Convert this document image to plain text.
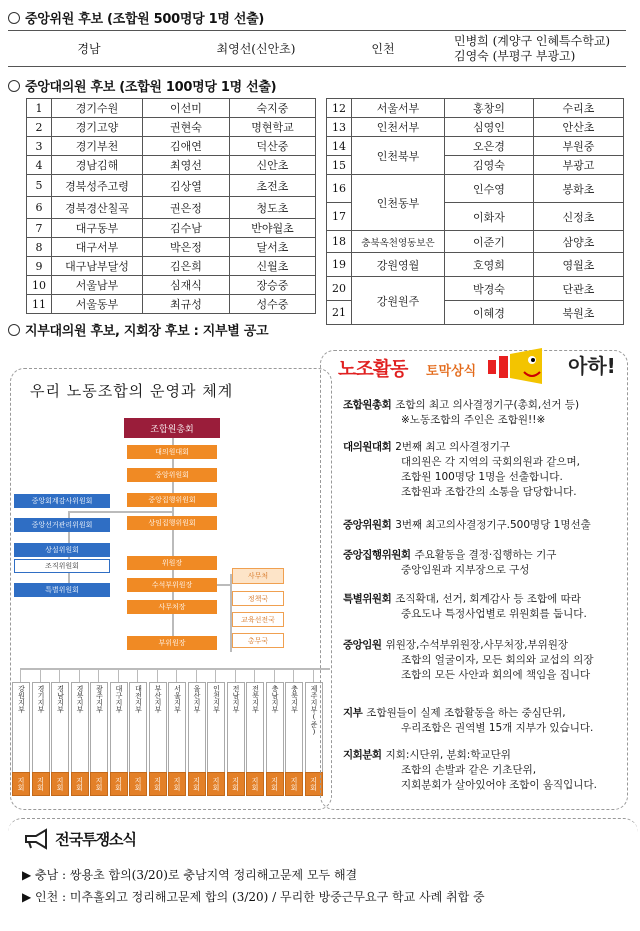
중앙위원 후보 (조합원 500명당 1명 선출)
경남	최영선(신안초)	인천	
민병희 (계양구 인혜특수학교)
김영숙 (부평구 부광고)
중앙대의원 후보 (조합원 100명당 1명 선출)
1	경기수원	이선미	숙지중
2	경기고양	권현숙	명현학교
3	경기부천	김애연	덕산중
4	경남김해	최영선	신안초
5	경북성주고령	김상열	초전초
6	경북경산칠곡	권은정	청도초
7	대구동부	김수남	반야월초
8	대구서부	박은정	달서초
9	대구남부달성	김은희	신월초
10	서울남부	심재식	장승중
11	서울동부	최규성	성수중
12	서울서부	홍창의	수리초
13	인천서부	심영인	안산초
14	인천북부	오은경	부원중
15		김영숙	부광고
16	인천동부	인수영	봉화초
17		이화자	신정초
18	충북옥천영동보은	이준기	삼양초
19	강원영월	호영희	영월초
20	강원원주	박경숙	단관초
21		이혜경	북원초
지부대의원 후보, 지회장 후보 : 지부별 공고
우리 노동조합의 운영과 체계
조합원총회
대의원대회
중앙위원회
중앙집행위원회
상임집행위원회
중앙회계감사위원회
중앙선거관리위원회
상설위원회
조직위원회
특별위원회
위원장
수석부위원장
사무처장
부위원장
사무처
정책국
교육선전국
총무국
강원지부
지회
경기지부
지회
경남지부
지회
경북지부
지회
광주지부
지회
대구지부
지회
대전지부
지회
부산지부
지회
서울지부
지회
울산지부
지회
인천지부
지회
전남지부
지회
전북지부
지회
충남지부
지회
충북지부
지회
제주지부(준)
지회
노조활동 토막상식	아하!
조합원총회 조합의 최고 의사결정기구(총회,선거 등)
※노동조합의 주인은 조합원!!※
대의원대회 2번째 최고 의사결정기구
대의원은 각 지역의 국회의원과 같으며,
조합원 100명당 1명을 선출합니다.
조합원과 조합간의 소통을 담당합니다.
중앙위원회 3번째 최고의사결정기구.500명당 1명선출
중앙집행위원회 주요활동을 결정·집행하는 기구
중앙임원과 지부장으로 구성
특별위원회 조직확대, 선거, 회계감사 등 조합에 따라
중요도나 특정사업별로 위원회를 둡니다.
중앙임원 위원장,수석부위원장,사무처장,부위원장
조합의 얼굴이자, 모든 회의와 교섭의 의장
조합의 모든 사안과 회의에 책임을 집니다
지부 조합원들이 실제 조합활동을 하는 중심단위,
우리조합은 권역별 15개 지부가 있습니다.
지회분회 지회:시단위, 분회:학교단위
조합의 손발과 같은 기초단위,
지회분회가 살아있어야 조합이 움직입니다.
전국투쟁소식
▶ 충남 : 쌍용초 합의(3/20)로 충남지역 정리해고문제 모두 해결
▶ 인천 : 미추홀외고 정리해고문제 합의 (3/20) / 무리한 방중근무요구 학교 사례 취합 중
